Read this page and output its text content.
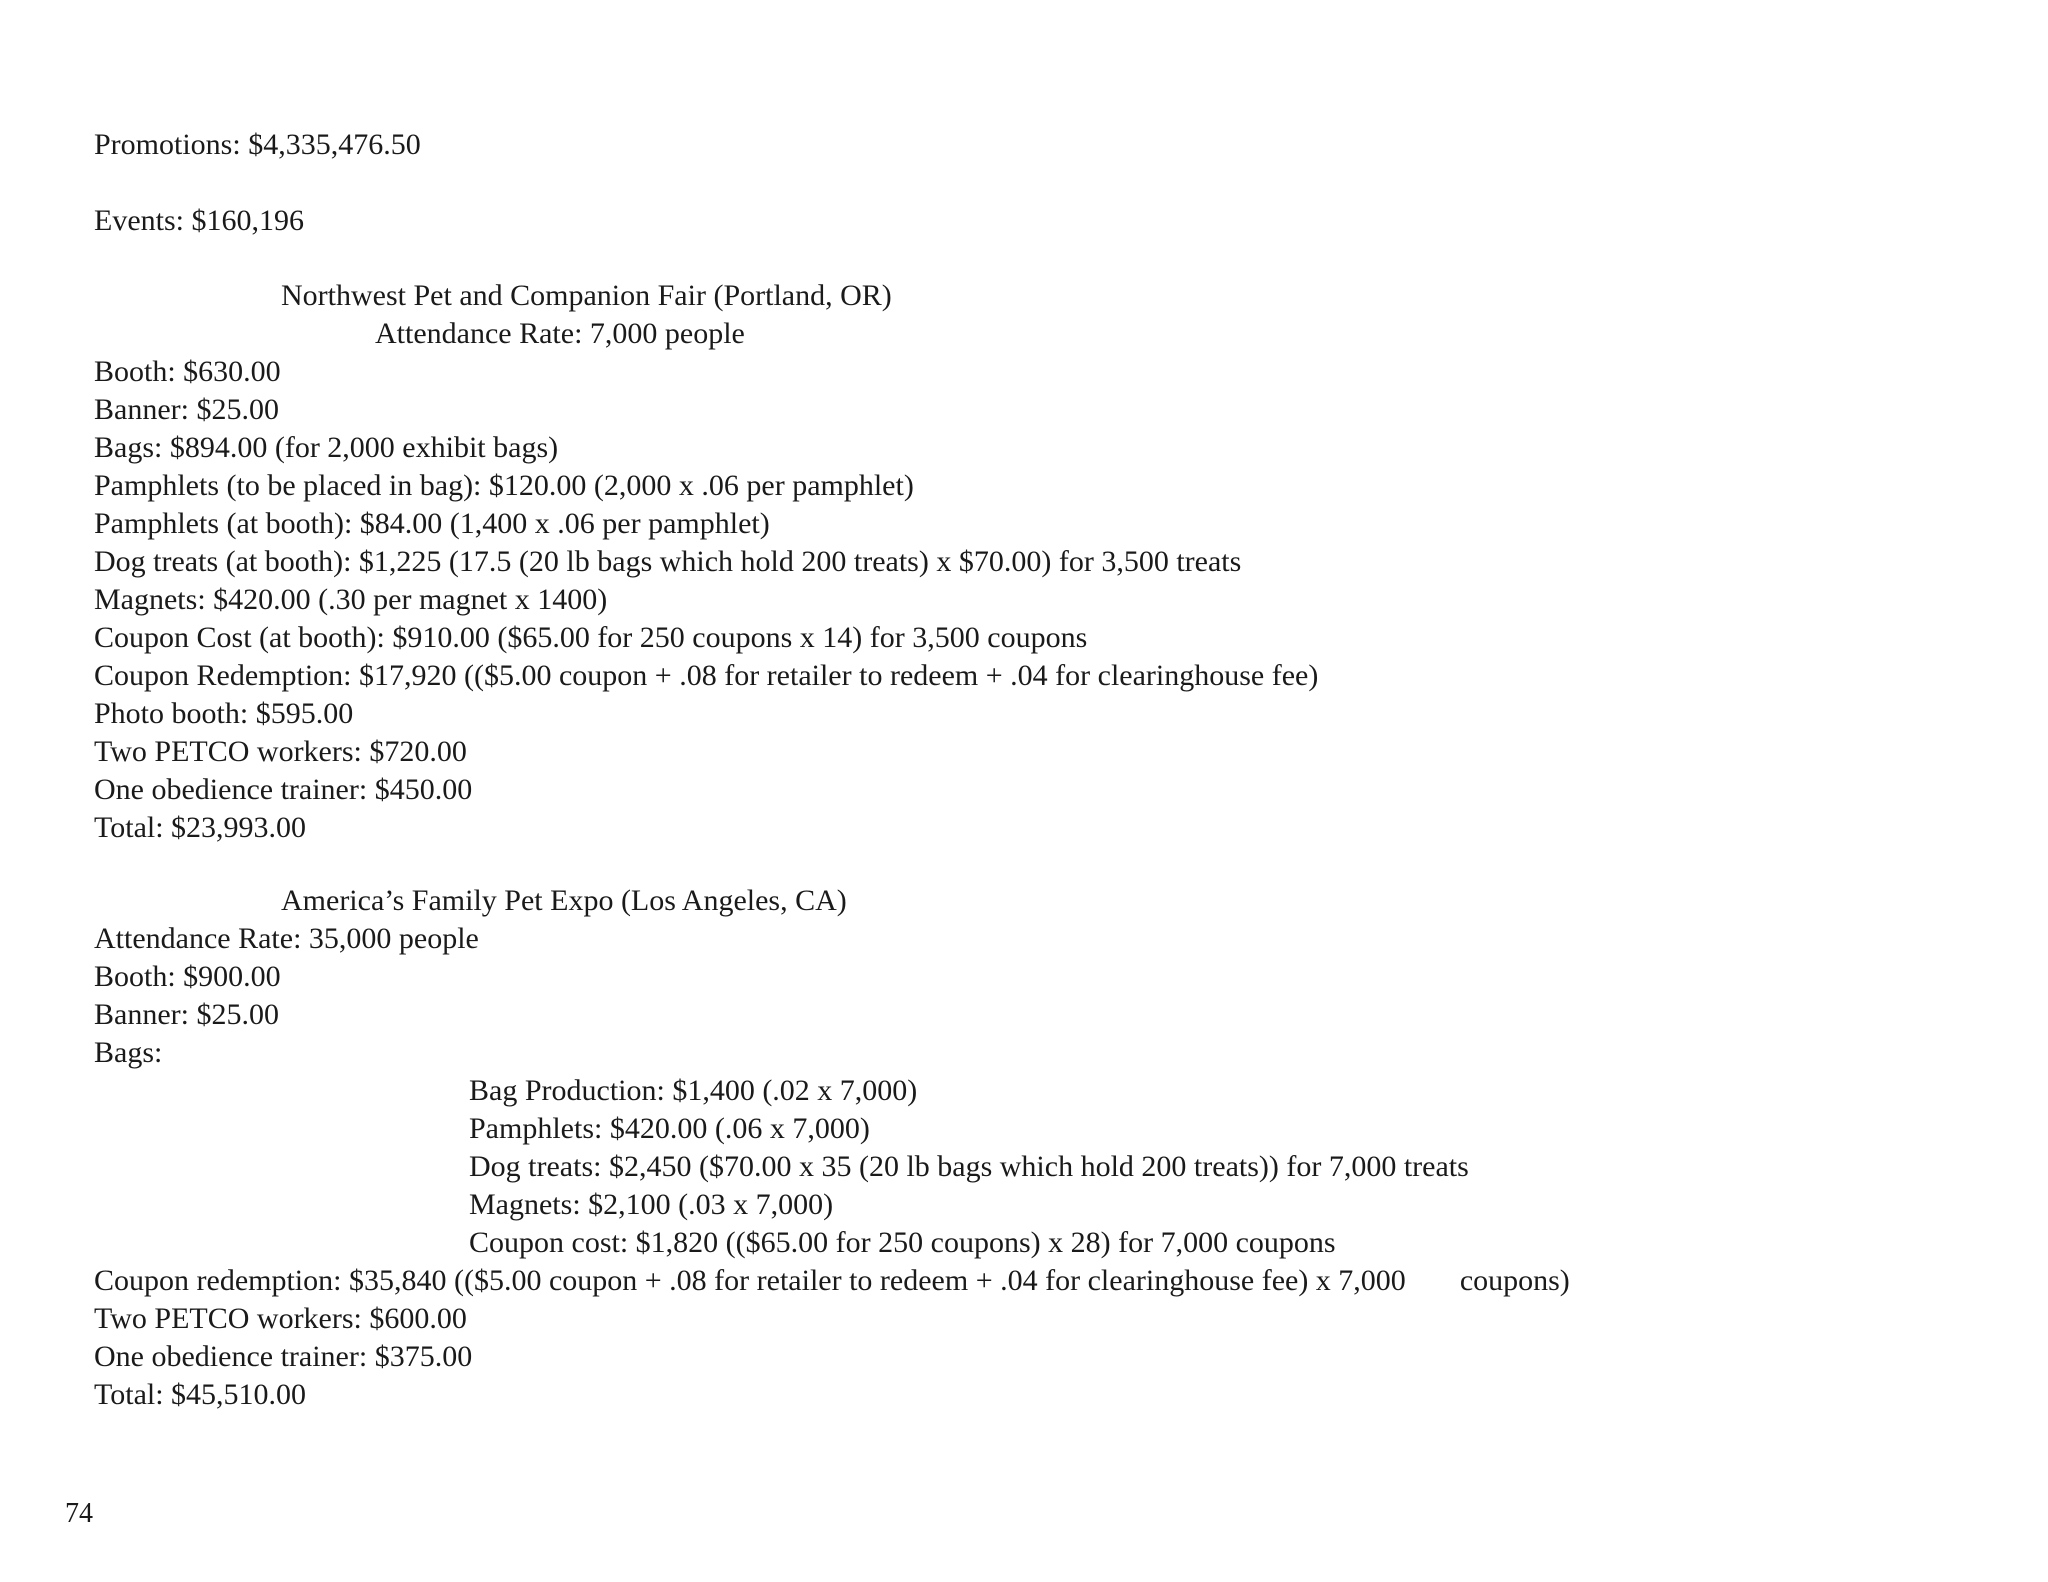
Promotions: $4,335,476.50

Events: $160,196

Northwest Pet and Companion Fair (Portland, OR)

Attendance Rate: 7,000 people

Booth: $630.00

Banner: $25.00

Bags: $894.00 (for 2,000 exhibit bags)

Pamphlets (to be placed in bag): $120.00 (2,000 x .06 per pamphlet)

Pamphlets (at booth): $84.00 (1,400 x .06 per pamphlet)

Dog treats (at booth): $1,225 (17.5 (20 lb bags which hold 200 treats) x $70.00) for 3,500 treats

Magnets: $420.00 (.30 per magnet x 1400)

Coupon Cost (at booth): $910.00 ($65.00 for 250 coupons x 14) for 3,500 coupons

Coupon Redemption: $17,920 (($5.00 coupon + .08 for retailer to redeem + .04 for clearinghouse fee)

Photo booth: $595.00

Two PETCO workers: $720.00

One obedience trainer: $450.00

Total: $23,993.00

America’s Family Pet Expo (Los Angeles, CA)

Attendance Rate: 35,000 people

Booth: $900.00

Banner: $25.00

Bags:

Bag Production: $1,400 (.02 x 7,000)

Pamphlets: $420.00 (.06 x 7,000)

Dog treats: $2,450 ($70.00 x 35 (20 lb bags which hold 200 treats)) for 7,000 treats

Magnets: $2,100 (.03 x 7,000)

Coupon cost: $1,820 (($65.00 for 250 coupons) x 28) for 7,000 coupons

Coupon redemption: $35,840 (($5.00 coupon + .08 for retailer to redeem + .04 for clearinghouse fee) x 7,000 coupons)

Two PETCO workers: $600.00

One obedience trainer: $375.00

Total: $45,510.00

74
